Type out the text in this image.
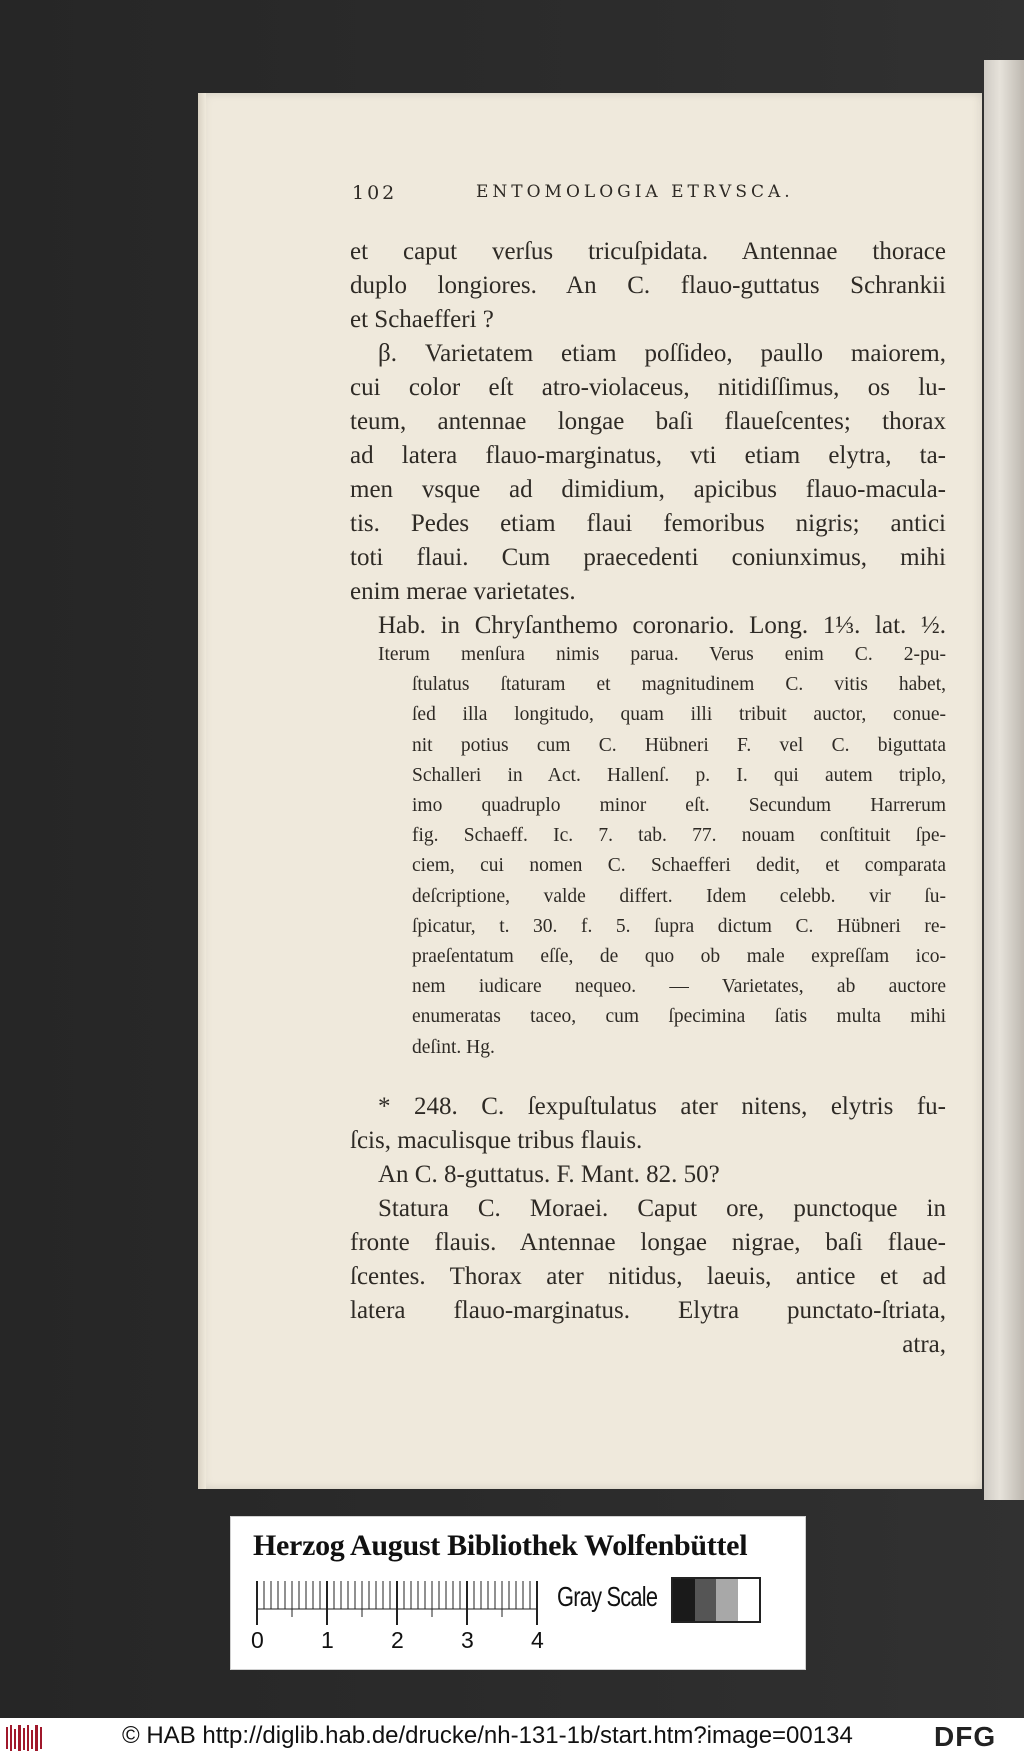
102	ENTOMOLOGIA ETRVSCA.
et caput verſus tricuſpidata. Antennae thorace
duplo longiores. An C. flauo-guttatus Schrankii
et Schaefferi ?
β. Varietatem etiam poſſideo, paullo maiorem,
cui color eſt atro-violaceus, nitidiſſimus, os lu-
teum, antennae longae baſi flaueſcentes; thorax
ad latera flauo-marginatus, vti etiam elytra, ta-
men vsque ad dimidium, apicibus flauo-macula-
tis. Pedes etiam flaui femoribus nigris; antici
toti flaui. Cum praecedenti coniunximus, mihi
enim merae varietates.
Hab. in Chryſanthemo coronario. Long. 1⅓. lat. ½.
Iterum menſura nimis parua. Verus enim C. 2-pu-
ſtulatus ſtaturam et magnitudinem C. vitis habet,
ſed illa longitudo, quam illi tribuit auctor, conue-
nit potius cum C. Hübneri F. vel C. biguttata
Schalleri in Act. Hallenſ. p. I. qui autem triplo,
imo quadruplo minor eſt. Secundum Harrerum
fig. Schaeff. Ic. 7. tab. 77. nouam conſtituit ſpe-
ciem, cui nomen C. Schaefferi dedit, et comparata
deſcriptione, valde differt. Idem celebb. vir ſu-
ſpicatur, t. 30. f. 5. ſupra dictum C. Hübneri re-
praeſentatum eſſe, de quo ob male expreſſam ico-
nem iudicare nequeo. — Varietates, ab auctore
enumeratas taceo, cum ſpecimina ſatis multa mihi
deſint. Hg.
* 248. C. ſexpuſtulatus ater nitens, elytris fu-
ſcis, maculisque tribus flauis.
An C. 8-guttatus. F. Mant. 82. 50?
Statura C. Moraei. Caput ore, punctoque in
fronte flauis. Antennae longae nigrae, baſi flaue-
ſcentes. Thorax ater nitidus, laeuis, antice et ad
latera flauo-marginatus. Elytra punctato-ſtriata,
atra,
Herzog August Bibliothek Wolfenbüttel
0 1 2 3 4
Gray Scale
© HAB http://diglib.hab.de/drucke/nh-131-1b/start.htm?image=00134	DFG
